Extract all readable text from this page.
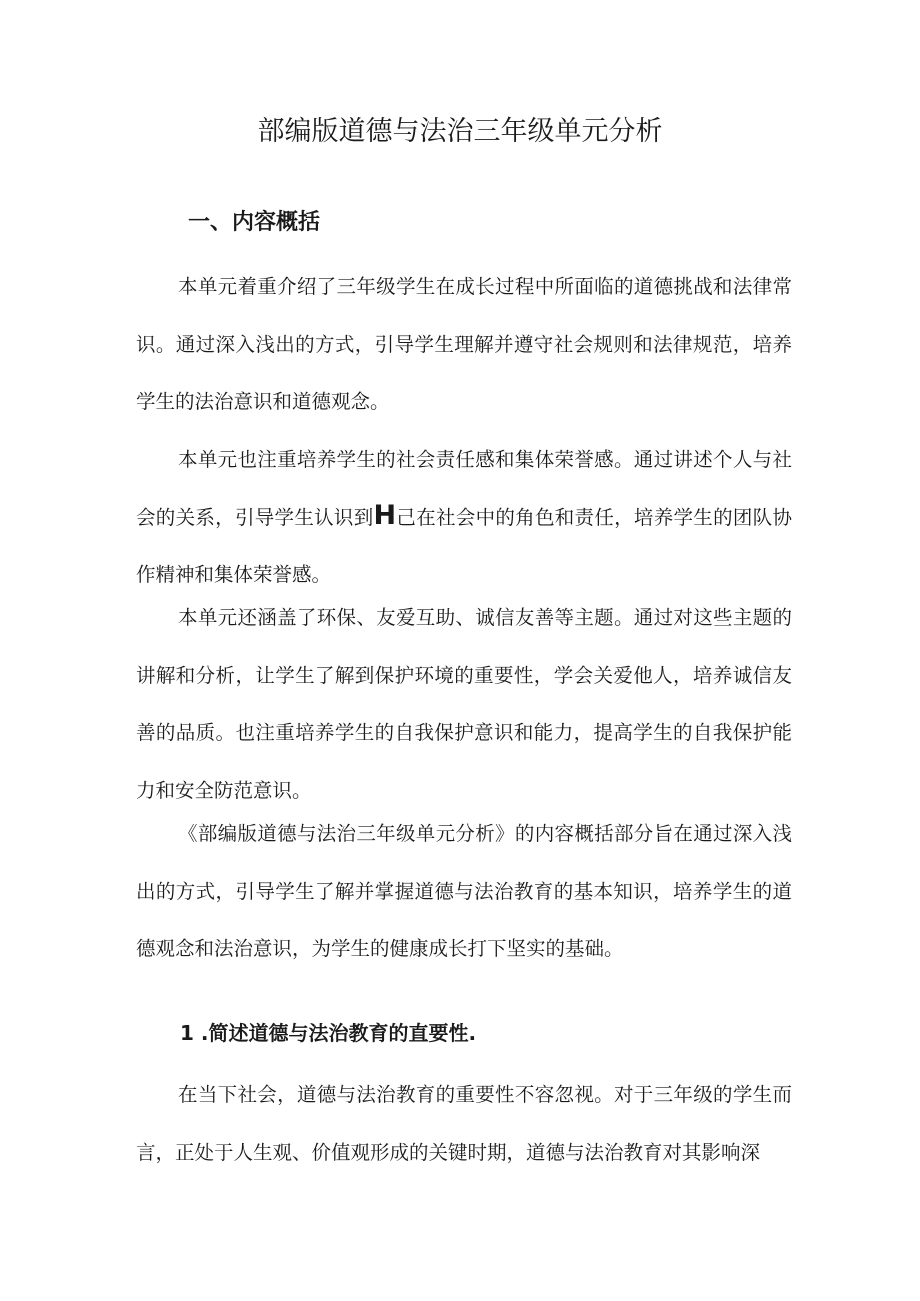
部编版道德与法治三年级单元分析
一、内容概括

本单元着重介绍了三年级学生在成长过程中所面临的道德挑战和法律常识。通过深入浅出的方式，引导学生理解并遵守社会规则和法律规范，培养学生的法治意识和道德观念。

本单元也注重培养学生的社会责任感和集体荣誉感。通过讲述个人与社会的关系，引导学生认识到H己在社会中的角色和责任，培养学生的团队协作精神和集体荣誉感。

本单元还涵盖了环保、友爱互助、诚信友善等主题。通过对这些主题的讲解和分析，让学生了解到保护环境的重要性，学会关爱他人，培养诚信友善的品质。也注重培养学生的自我保护意识和能力，提高学生的自我保护能力和安全防范意识。

《部编版道德与法治三年级单元分析》的内容概括部分旨在通过深入浅出的方式，引导学生了解并掌握道德与法治教育的基本知识，培养学生的道德观念和法治意识，为学生的健康成长打下坚实的基础。

1 .简述道德与法治教育的直要性.

在当下社会，道德与法治教育的重要性不容忽视。对于三年级的学生而言，正处于人生观、价值观形成的关键时期，道德与法治教育对其影响深
